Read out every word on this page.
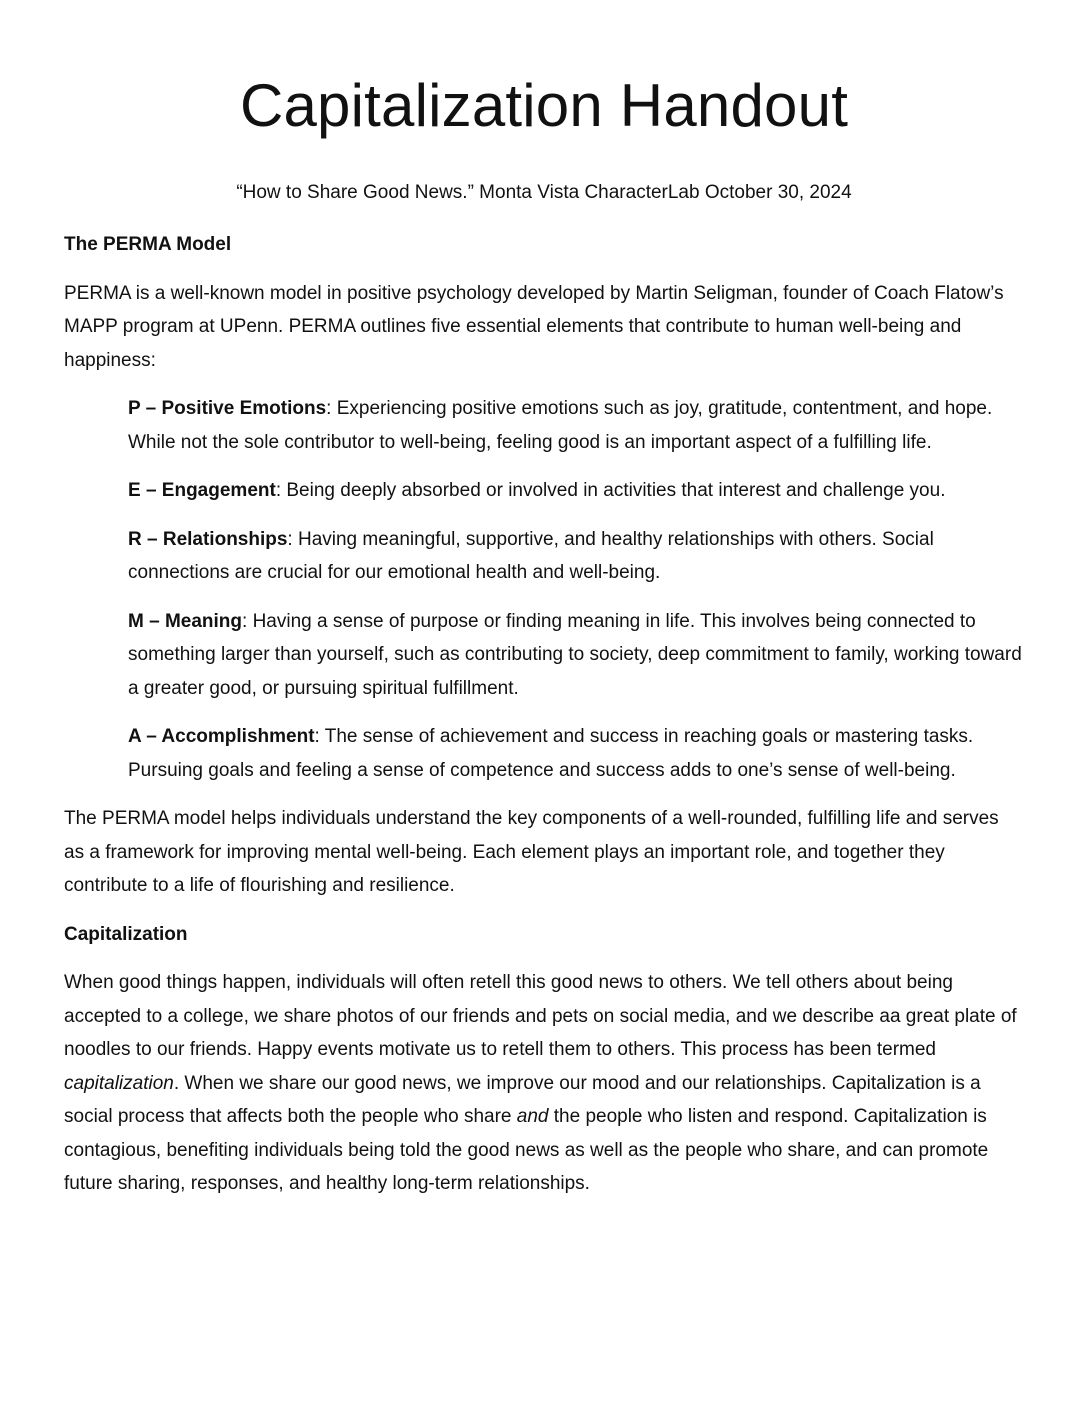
Capitalization Handout

“How to Share Good News.” Monta Vista CharacterLab October 30, 2024

The PERMA Model

PERMA is a well-known model in positive psychology developed by Martin Seligman, founder of Coach Flatow’s MAPP program at UPenn. PERMA outlines five essential elements that contribute to human well-being and happiness:

P – Positive Emotions: Experiencing positive emotions such as joy, gratitude, contentment, and hope. While not the sole contributor to well-being, feeling good is an important aspect of a fulfilling life.
E – Engagement: Being deeply absorbed or involved in activities that interest and challenge you.
R – Relationships: Having meaningful, supportive, and healthy relationships with others. Social connections are crucial for our emotional health and well-being.
M – Meaning: Having a sense of purpose or finding meaning in life. This involves being connected to something larger than yourself, such as contributing to society, deep commitment to family, working toward a greater good, or pursuing spiritual fulfillment.
A – Accomplishment: The sense of achievement and success in reaching goals or mastering tasks. Pursuing goals and feeling a sense of competence and success adds to one’s sense of well-being.

The PERMA model helps individuals understand the key components of a well-rounded, fulfilling life and serves as a framework for improving mental well-being. Each element plays an important role, and together they contribute to a life of flourishing and resilience.

Capitalization

When good things happen, individuals will often retell this good news to others. We tell others about being accepted to a college, we share photos of our friends and pets on social media, and we describe aa great plate of noodles to our friends. Happy events motivate us to retell them to others. This process has been termed capitalization. When we share our good news, we improve our mood and our relationships. Capitalization is a social process that affects both the people who share and the people who listen and respond. Capitalization is contagious, benefiting individuals being told the good news as well as the people who share, and can promote future sharing, responses, and healthy long-term relationships.
